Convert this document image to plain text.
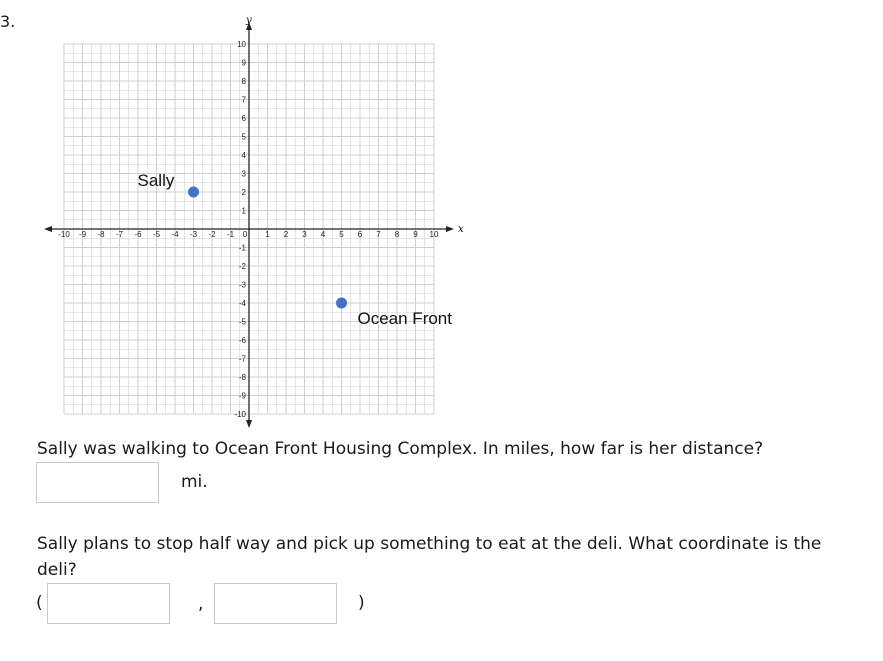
3.
x
y
-10 -9 -8 -7 -6 -5 -4 -3 -2 -1 0 1 2 3 4 5 6 7 8 9 10
1
2
3
4
5
6
7
8
9
10
-1
-2
-3
-4
-5
-6
-7
-8
-9
-10
Sally
Ocean Front
Sally was walking to Ocean Front Housing Complex. In miles, how far is her distance?
mi.
Sally plans to stop half way and pick up something to eat at the deli. What coordinate is the deli?
(	,	)
